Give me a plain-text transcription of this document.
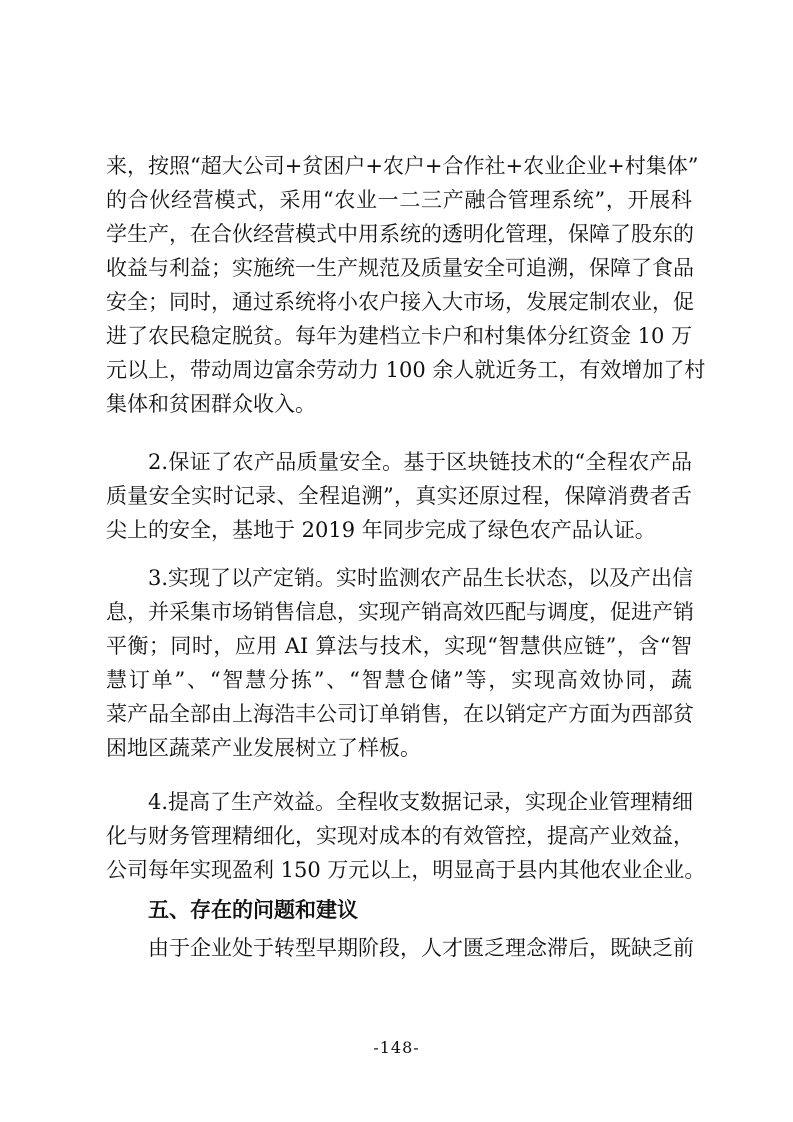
来，按照“超大公司+贫困户+农户+合作社+农业企业+村集体”
的合伙经营模式，采用“农业一二三产融合管理系统”，开展科
学生产，在合伙经营模式中用系统的透明化管理，保障了股东的
收益与利益；实施统一生产规范及质量安全可追溯，保障了食品
安全；同时，通过系统将小农户接入大市场，发展定制农业，促
进了农民稳定脱贫。每年为建档立卡户和村集体分红资金 10 万
元以上，带动周边富余劳动力 100 余人就近务工，有效增加了村
集体和贫困群众收入。
2.保证了农产品质量安全。基于区块链技术的“全程农产品
质量安全实时记录、全程追溯”，真实还原过程，保障消费者舌
尖上的安全，基地于 2019 年同步完成了绿色农产品认证。
3.实现了以产定销。实时监测农产品生长状态，以及产出信
息，并采集市场销售信息，实现产销高效匹配与调度，促进产销
平衡；同时，应用 AI 算法与技术，实现“智慧供应链”，含“智
慧订单”、“智慧分拣”、“智慧仓储”等，实现高效协同，蔬
菜产品全部由上海浩丰公司订单销售，在以销定产方面为西部贫
困地区蔬菜产业发展树立了样板。
4.提高了生产效益。全程收支数据记录，实现企业管理精细
化与财务管理精细化，实现对成本的有效管控，提高产业效益，
公司每年实现盈利 150 万元以上，明显高于县内其他农业企业。
五、存在的问题和建议
由于企业处于转型早期阶段，人才匮乏理念滞后，既缺乏前
-148-
